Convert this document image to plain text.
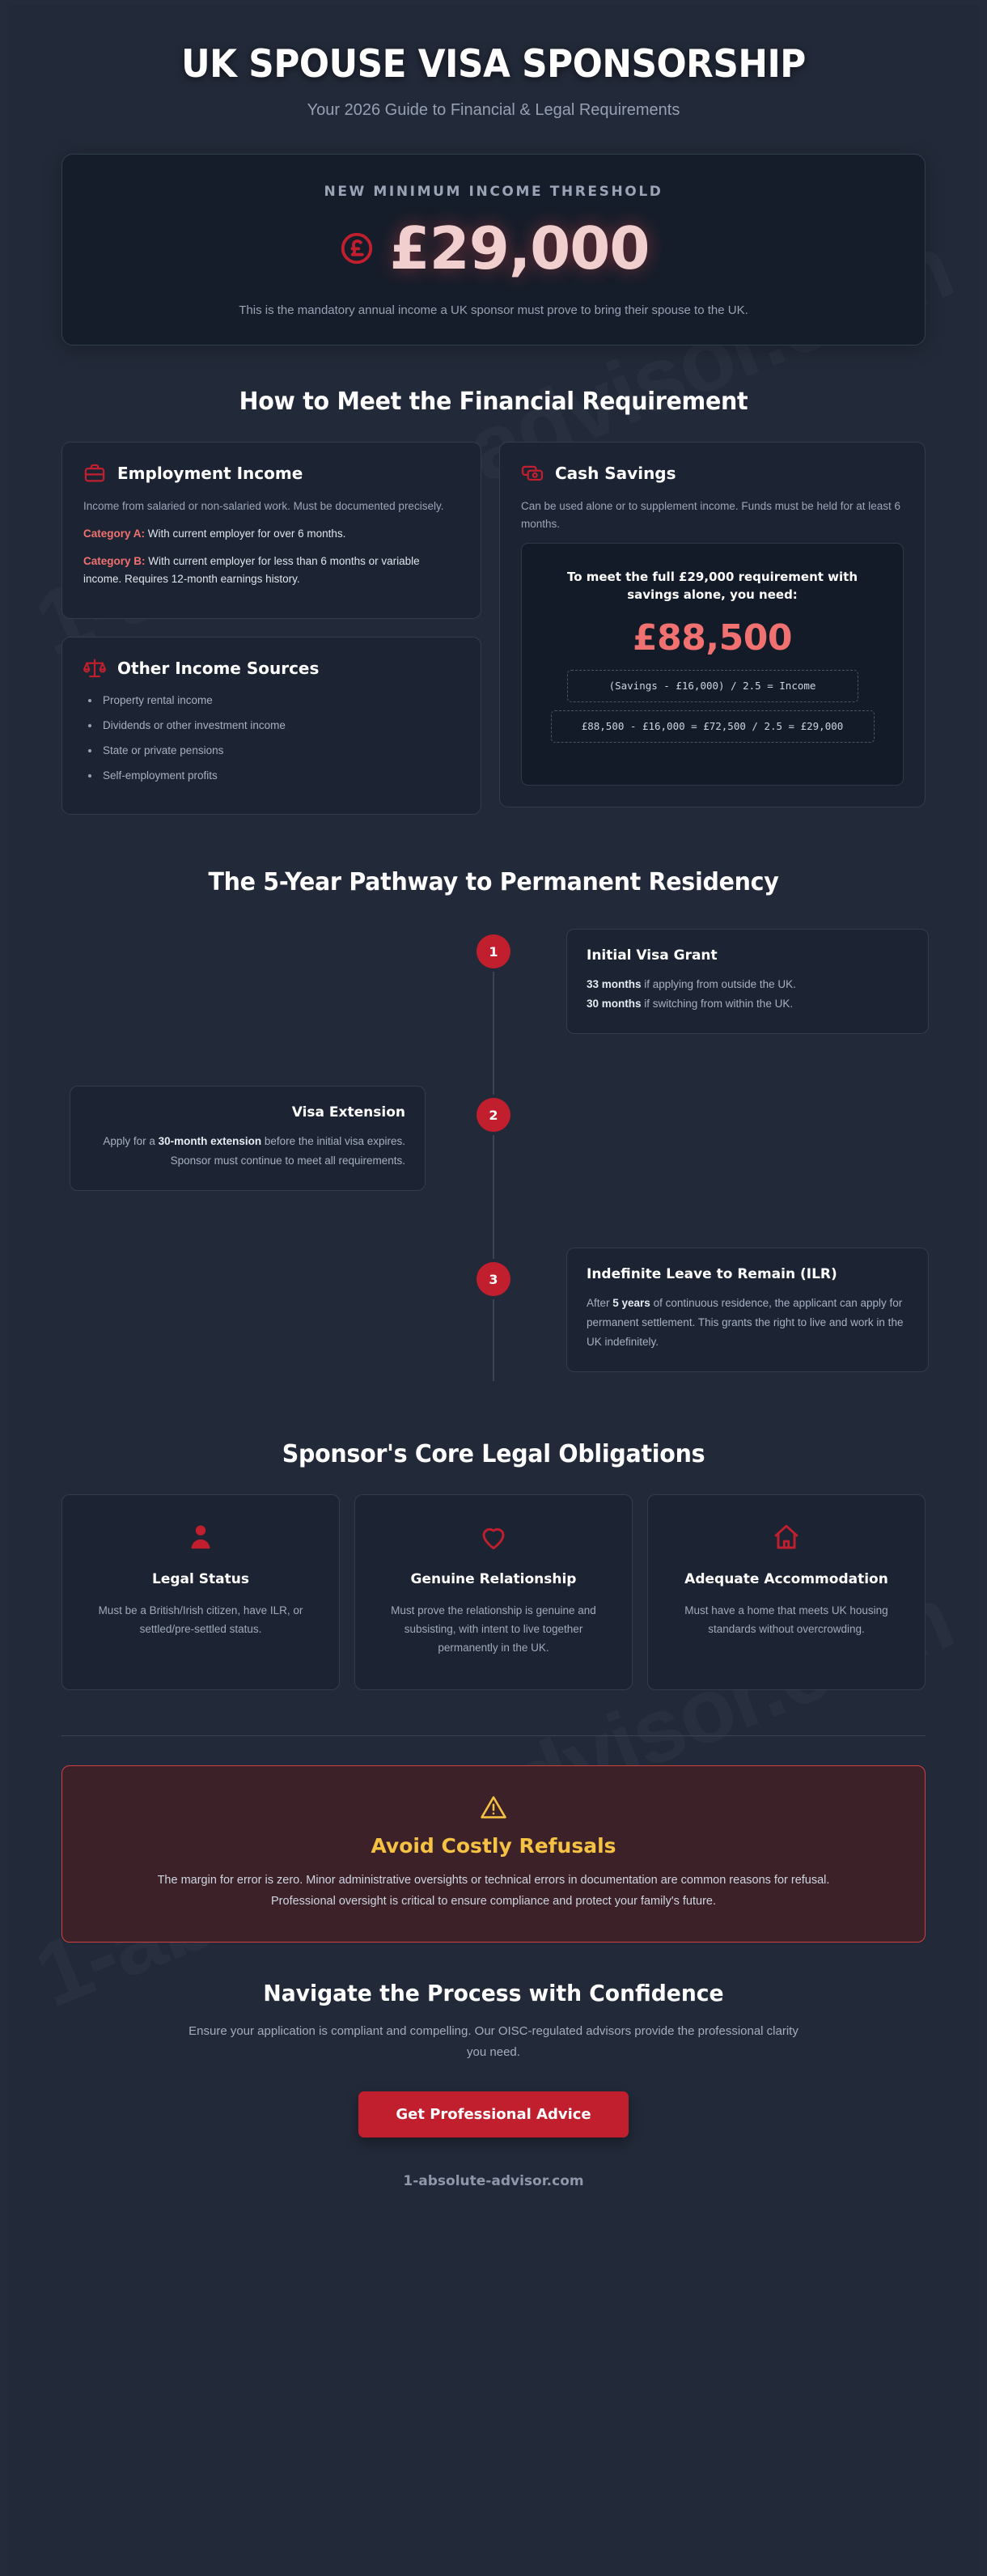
UK SPOUSE VISA SPONSORSHIP
Your 2026 Guide to Financial & Legal Requirements
NEW MINIMUM INCOME THRESHOLD
£29,000
This is the mandatory annual income a UK sponsor must prove to bring their spouse to the UK.
How to Meet the Financial Requirement
Employment Income

Income from salaried or non-salaried work. Must be documented precisely.

Category A: With current employer for over 6 months.

Category B: With current employer for less than 6 months or variable income. Requires 12-month earnings history.

Other Income Sources
Property rental income
Dividends or other investment income
State or private pensions
Self-employment profits
Cash Savings

Can be used alone or to supplement income. Funds must be held for at least 6 months.

To meet the full £29,000 requirement with savings alone, you need:
£88,500
(Savings - £16,000) / 2.5 = Income
£88,500 - £16,000 = £72,500 / 2.5 = £29,000
The 5-Year Pathway to Permanent Residency
1
2
3
Initial Visa Grant

33 months if applying from outside the UK.

30 months if switching from within the UK.

Visa Extension

Apply for a 30-month extension before the initial visa expires.

Sponsor must continue to meet all requirements.

Indefinite Leave to Remain (ILR)

After 5 years of continuous residence, the applicant can apply for permanent settlement. This grants the right to live and work in the UK indefinitely.

Sponsor's Core Legal Obligations
Legal Status

Must be a British/Irish citizen, have ILR, or settled/pre-settled status.

Genuine Relationship

Must prove the relationship is genuine and subsisting, with intent to live together permanently in the UK.

Adequate Accommodation

Must have a home that meets UK housing standards without overcrowding.

Avoid Costly Refusals
The margin for error is zero. Minor administrative oversights or technical errors in documentation are common reasons for refusal. Professional oversight is critical to ensure compliance and protect your family's future.
Navigate the Process with Confidence
Ensure your application is compliant and compelling. Our OISC-regulated advisors provide the professional clarity you need.
Get Professional Advice
1-absolute-advisor.com
